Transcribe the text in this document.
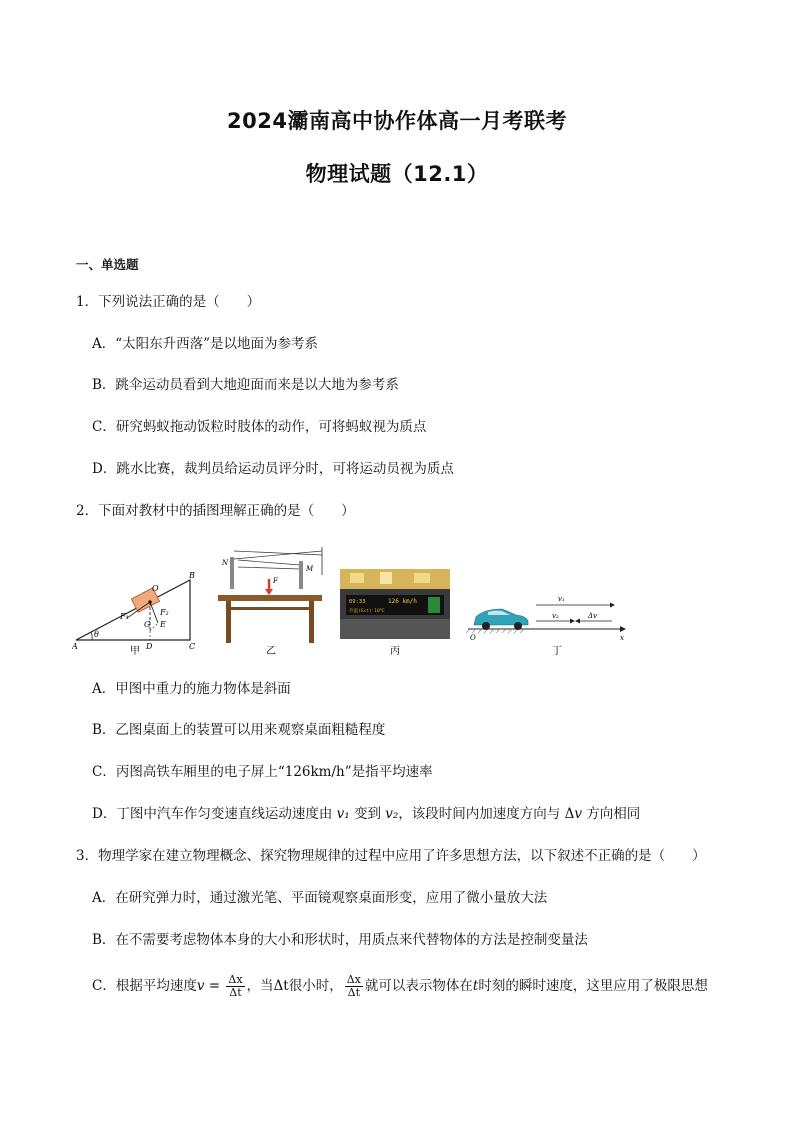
2024灞南高中协作体高一月考联考
物理试题（12.1）
一、单选题
1．下列说法正确的是（　　）
A．“太阳东升西落”是以地面为参考系
B．跳伞运动员看到大地迎面而来是以大地为参考系
C．研究蚂蚁拖动饭粒时肢体的动作，可将蚂蚁视为质点
D．跳水比赛，裁判员给运动员评分时，可将运动员视为质点
2．下面对教材中的插图理解正确的是（　　）
B
O
F₁	F₂
G E
θ
A	D	C
甲
N
M
F
乙
09:33	126 km/h
外温(Ext) 10℃
丙
v₁
v₂	Δv
O	x
丁
A．甲图中重力的施力物体是斜面
B．乙图桌面上的装置可以用来观察桌面粗糙程度
C．丙图高铁车厢里的电子屏上“126km/h”是指平均速率
D．丁图中汽车作匀变速直线运动速度由 v₁ 变到 v₂，该段时间内加速度方向与 Δv 方向相同
3．物理学家在建立物理概念、探究物理规律的过程中应用了许多思想方法，以下叙述不正确的是（　　）
A．在研究弹力时，通过激光笔、平面镜观察桌面形变，应用了微小量放大法
B．在不需要考虑物体本身的大小和形状时，用质点来代替物体的方法是控制变量法
C．根据平均速度$v = \frac{\Delta x}{\Delta t}$ ，当Δt很小时， $\frac{\Delta x}{\Delta t}$ 就可以表示物体在t时刻的瞬时速度，这里应用了极限思想
